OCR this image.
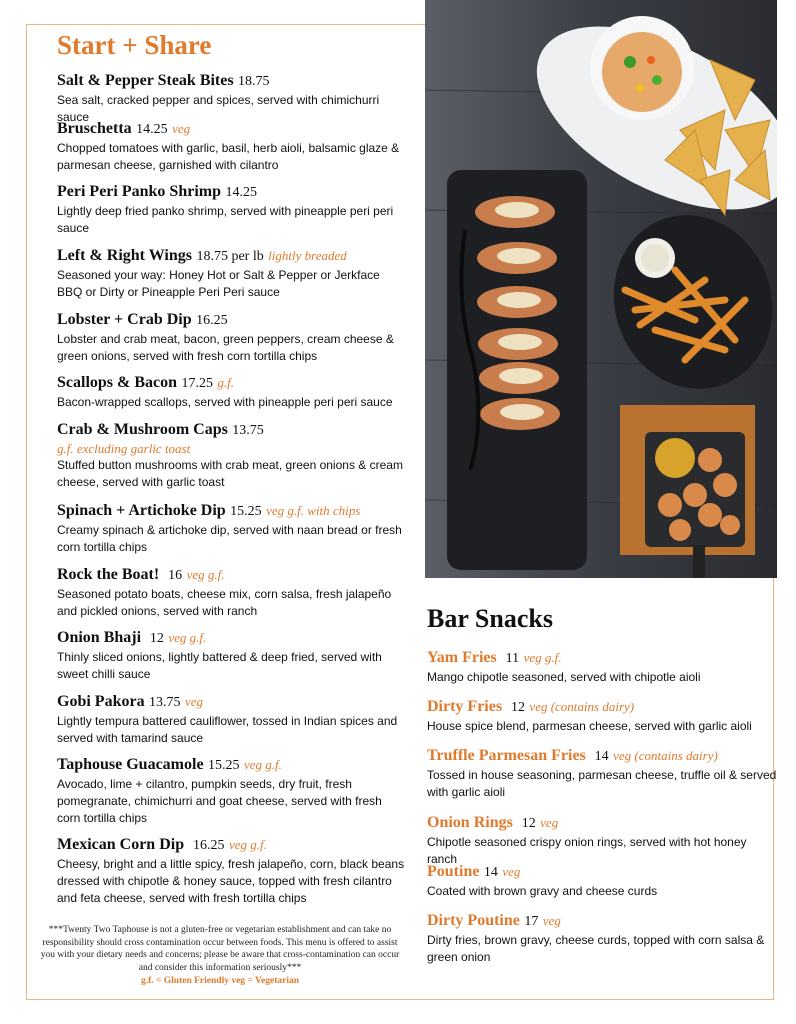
Start + Share
Salt & Pepper Steak Bites 18.75
Sea salt, cracked pepper and spices, served with chimichurri sauce
Bruschetta 14.25 veg
Chopped tomatoes with garlic, basil, herb aioli, balsamic glaze & parmesan cheese, garnished with cilantro
Peri Peri Panko Shrimp 14.25
Lightly deep fried panko shrimp, served with pineapple peri peri sauce
Left & Right Wings 18.75 per lb lightly breaded
Seasoned your way: Honey Hot or Salt & Pepper or Jerkface BBQ or Dirty or Pineapple Peri Peri sauce
Lobster + Crab Dip 16.25
Lobster and crab meat, bacon, green peppers, cream cheese & green onions, served with fresh corn tortilla chips
Scallops & Bacon 17.25 g.f.
Bacon-wrapped scallops, served with pineapple peri peri sauce
Crab & Mushroom Caps 13.75
g.f. excluding garlic toast
Stuffed button mushrooms with crab meat, green onions & cream cheese, served with garlic toast
Spinach + Artichoke Dip 15.25 veg g.f. with chips
Creamy spinach & artichoke dip, served with naan bread or fresh corn tortilla chips
Rock the Boat! 16 veg g.f.
Seasoned potato boats, cheese mix, corn salsa, fresh jalapeño and pickled onions, served with ranch
Onion Bhaji 12 veg g.f.
Thinly sliced onions, lightly battered & deep fried, served with sweet chilli sauce
Gobi Pakora 13.75 veg
Lightly tempura battered cauliflower, tossed in Indian spices and served with tamarind sauce
Taphouse Guacamole 15.25 veg g.f.
Avocado, lime + cilantro, pumpkin seeds, dry fruit, fresh pomegranate, chimichurri and goat cheese, served with fresh corn tortilla chips
Mexican Corn Dip 16.25 veg g.f.
Cheesy, bright and a little spicy, fresh jalapeño, corn, black beans dressed with chipotle & honey sauce, topped with fresh cilantro and feta cheese, served with fresh tortilla chips
***Twenty Two Taphouse is not a gluten-free or vegetarian establishment and can take no responsibility should cross contamination occur between foods. This menu is offered to assist you with your dietary needs and concerns; please be aware that cross-contamination can occur and consider this information seriously***
g.f. = Gluten Friendly veg = Vegetarian
Bar Snacks
Yam Fries 11 veg g.f.
Mango chipotle seasoned, served with chipotle aioli
Dirty Fries 12 veg (contains dairy)
House spice blend, parmesan cheese, served with garlic aioli
Truffle Parmesan Fries 14 veg (contains dairy)
Tossed in house seasoning, parmesan cheese, truffle oil & served with garlic aioli
Onion Rings 12 veg
Chipotle seasoned crispy onion rings, served with hot honey ranch
Poutine 14 veg
Coated with brown gravy and cheese curds
Dirty Poutine 17 veg
Dirty fries, brown gravy, cheese curds, topped with corn salsa & green onion
